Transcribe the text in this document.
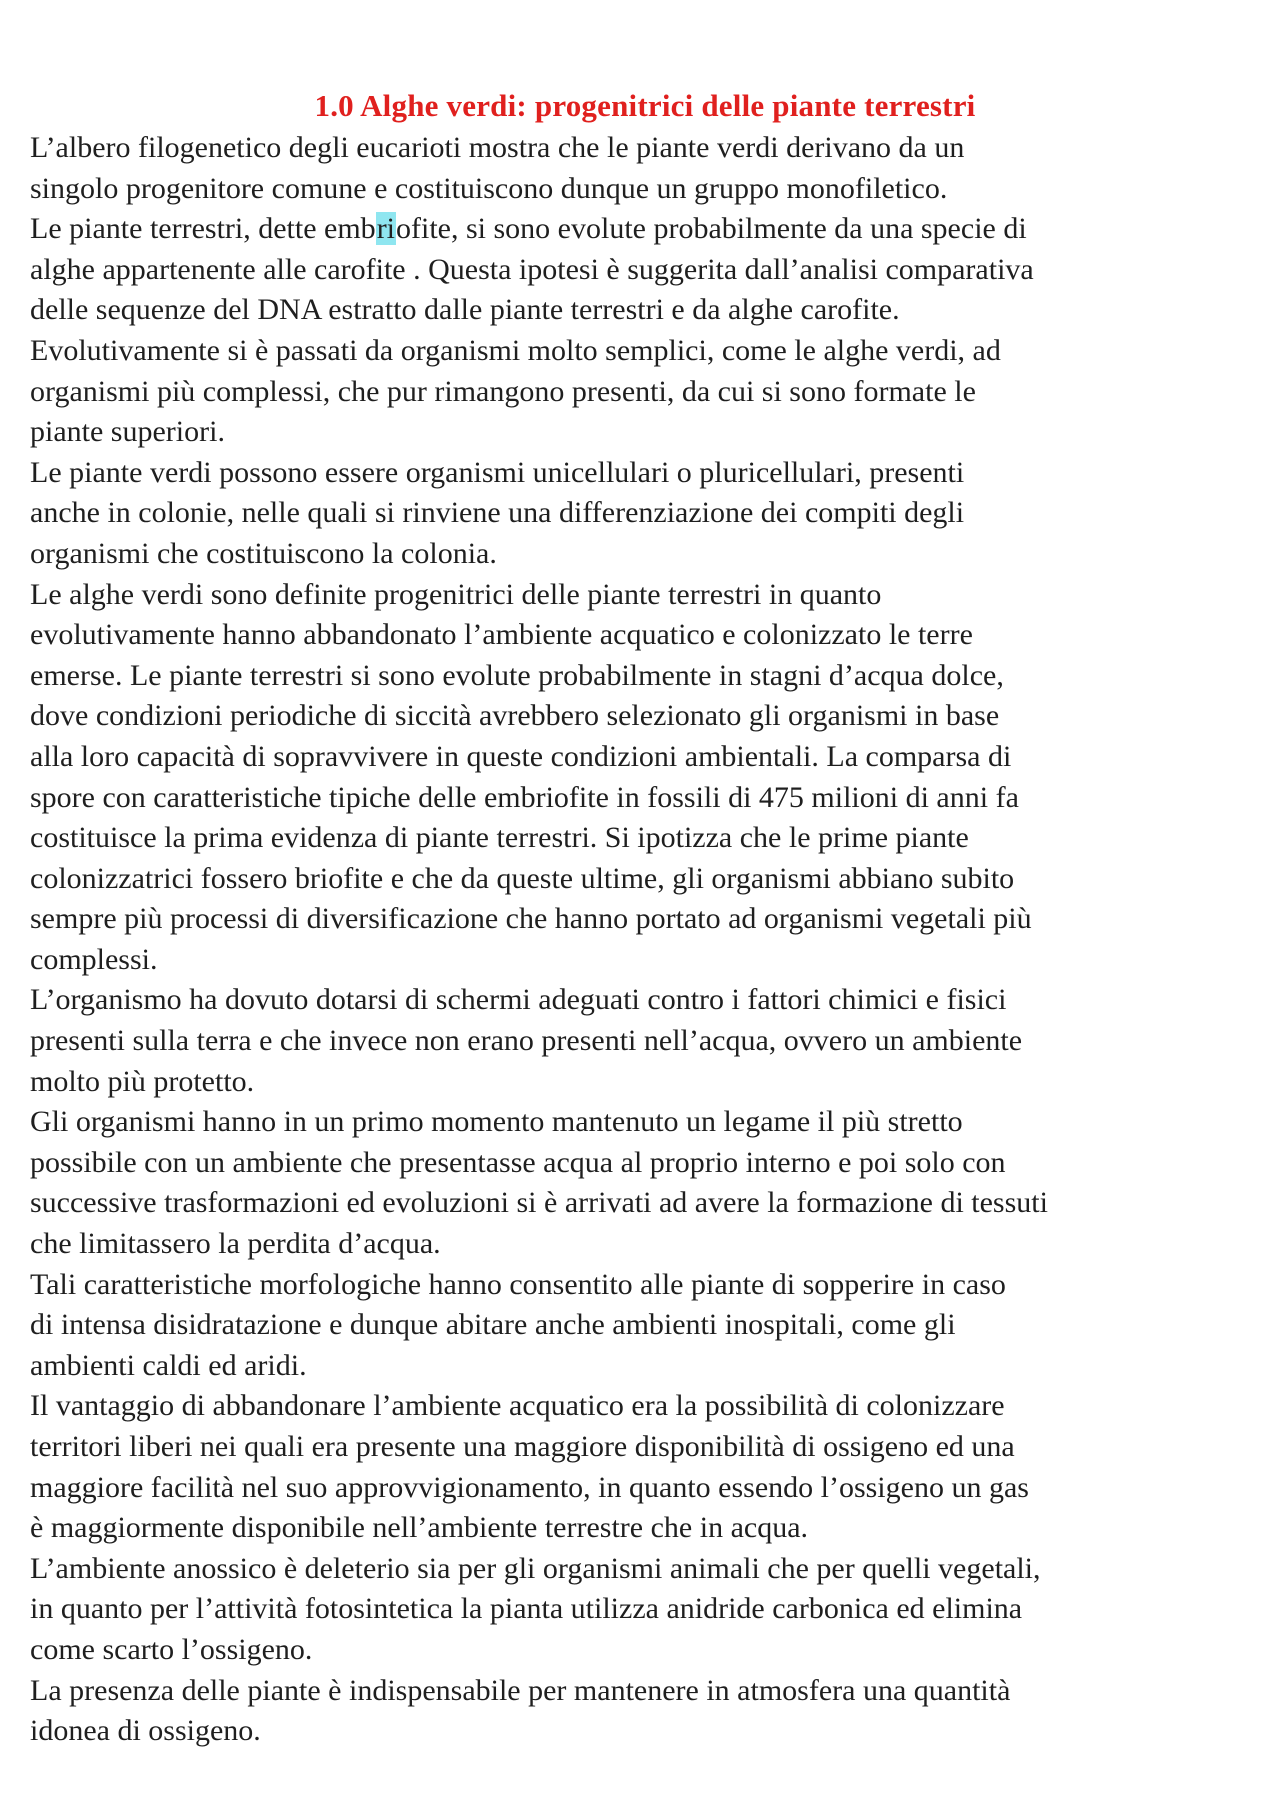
1.0 Alghe verdi: progenitrici delle piante terrestri

L’albero filogenetico degli eucarioti mostra che le piante verdi derivano da un
singolo progenitore comune e costituiscono dunque un gruppo monofiletico.

Le piante terrestri, dette embriofite, si sono evolute probabilmente da una specie di
alghe appartenente alle carofite . Questa ipotesi è suggerita dall’analisi comparativa
delle sequenze del DNA estratto dalle piante terrestri e da alghe carofite.

Evolutivamente si è passati da organismi molto semplici, come le alghe verdi, ad
organismi più complessi, che pur rimangono presenti, da cui si sono formate le
piante superiori.

Le piante verdi possono essere organismi unicellulari o pluricellulari, presenti
anche in colonie, nelle quali si rinviene una differenziazione dei compiti degli
organismi che costituiscono la colonia.

Le alghe verdi sono definite progenitrici delle piante terrestri in quanto
evolutivamente hanno abbandonato l’ambiente acquatico e colonizzato le terre
emerse. Le piante terrestri si sono evolute probabilmente in stagni d’acqua dolce,
dove condizioni periodiche di siccità avrebbero selezionato gli organismi in base
alla loro capacità di sopravvivere in queste condizioni ambientali. La comparsa di
spore con caratteristiche tipiche delle embriofite in fossili di 475 milioni di anni fa
costituisce la prima evidenza di piante terrestri. Si ipotizza che le prime piante
colonizzatrici fossero briofite e che da queste ultime, gli organismi abbiano subito
sempre più processi di diversificazione che hanno portato ad organismi vegetali più
complessi.

L’organismo ha dovuto dotarsi di schermi adeguati contro i fattori chimici e fisici
presenti sulla terra e che invece non erano presenti nell’acqua, ovvero un ambiente
molto più protetto.

Gli organismi hanno in un primo momento mantenuto un legame il più stretto
possibile con un ambiente che presentasse acqua al proprio interno e poi solo con
successive trasformazioni ed evoluzioni si è arrivati ad avere la formazione di tessuti
che limitassero la perdita d’acqua.

Tali caratteristiche morfologiche hanno consentito alle piante di sopperire in caso
di intensa disidratazione e dunque abitare anche ambienti inospitali, come gli
ambienti caldi ed aridi.

Il vantaggio di abbandonare l’ambiente acquatico era la possibilità di colonizzare
territori liberi nei quali era presente una maggiore disponibilità di ossigeno ed una
maggiore facilità nel suo approvvigionamento, in quanto essendo l’ossigeno un gas
è maggiormente disponibile nell’ambiente terrestre che in acqua.

L’ambiente anossico è deleterio sia per gli organismi animali che per quelli vegetali,
in quanto per l’attività fotosintetica la pianta utilizza anidride carbonica ed elimina
come scarto l’ossigeno.

La presenza delle piante è indispensabile per mantenere in atmosfera una quantità
idonea di ossigeno.
